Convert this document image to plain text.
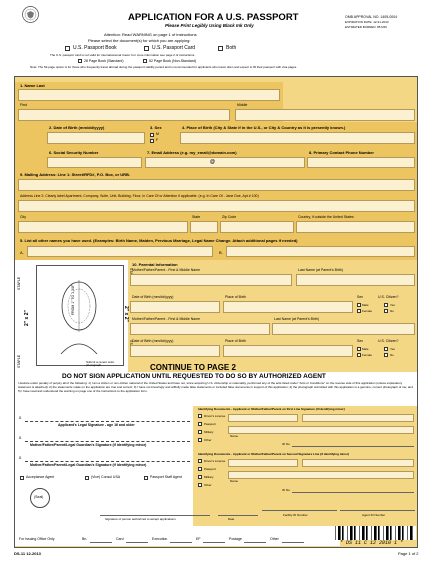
APPLICATION FOR A U.S. PASSPORT
Please Print Legibly Using Black Ink Only
OMB APPROVAL NO. 1405-0004
EXPIRATION DATE: 12-31-2013
ESTIMATED BURDEN: 85 MIN
Attention: Read WARNING on page 1 of instructions
Please select the document(s) for which you are applying:
U.S. Passport Book	U.S. Passport Card	Both
The U.S. passport card is not valid for international air travel. For more information see page 2 of instructions.
28 Page Book (Standard)	52 Page Book (Non-Standard)
Note: The 52-page option is for those who frequently travel abroad during the passport validity period and is recommended for applicants who travel often and expect to fill their passport with visa pages.
1. Name Last
First	Middle
2. Date of Birth (mm/dd/yyyy)	3. Sex
M
F
4. Place of Birth (City & State if in the U.S., or City & Country as it is presently known.)
6. Social Security Number	7. Email Address (e.g. my_email@domain.com)
@
8. Primary Contact Phone Number
9. Mailing Address: Line 1: Street/RFD#, P.O. Box, or URB.
Address Line 2: Clearly label Apartment, Company, Suite, Unit, Building, Floor, In Care Of or Attention if applicable. (e.g. In Care Of - Jane Doe, Apt # 100)
City	State	Zip Code	Country, if outside the United States
5. List all other names you have used. (Examples: Birth Name, Maiden, Previous Marriage, Legal Name Change. Attach additional pages if needed)
A.	B.
FROM 1" TO 1 3/8"
2" x 2"	2" x 2"
STAPLE
STAPLE	Submit a recent color photograph
10. Parental Information
Mother/Father/Parent - First & Middle Name	Last Name (at Parent's Birth)
Date of Birth (mm/dd/yyyy)	Place of Birth	Sex	U.S. Citizen?
Male
Female
Yes
No
Mother/Father/Parent - First & Middle Name	Last Name (at Parent's Birth)
Date of Birth (mm/dd/yyyy)	Place of Birth	Sex	U.S. Citizen?
Male
Female
Yes
No
CONTINUE TO PAGE 2
DO NOT SIGN APPLICATION UNTIL REQUESTED TO DO SO BY AUTHORIZED AGENT
I declare under penalty of perjury all of the following: 1) I am a citizen or non-citizen national of the United States and have not, since acquiring U.S. citizenship or nationality, performed any of the acts listed under "Acts or Conditions" on the reverse side of this application (unless explanatory statement is attached); 2) the statements made on the application are true and correct; 3) I have not knowingly and willfully made false statements or included false documents in support of this application; 4) the photograph submitted with this application is a genuine, current photograph of me; and 5) I have read and understood the warning on page one of the instructions to the application form.
x
Applicant's Legal Signature - age 16 and older
x
Mother/Father/Parent/Legal Guardian's Signature (if identifying minor)
x
Mother/Father/Parent/Legal Guardian's Signature (if identifying minor)
Acceptance Agent	(Vice) Consul USA	Passport Staff Agent
(Seal)
Signature of person authorized to accept applications	Date
Facility ID Number	Agent ID Number
Identifying Documents - Applicant or Mother/Father/Parent on First Line Signature (if identifying minor)
Driver's License
Passport
Military
Other
Name
ID No.
Identifying Documents - Applicant or Mother/Father/Parent on Second Signature Line (if identifying minor)
Driver's License
Passport
Military
Other
Name
ID No.
For Issuing Office Only	Bn.	Card	Execution	EF	Postage	Other
* DS 11 C 12 2010 1 *
DS-11 12-2013	Page 1 of 2
